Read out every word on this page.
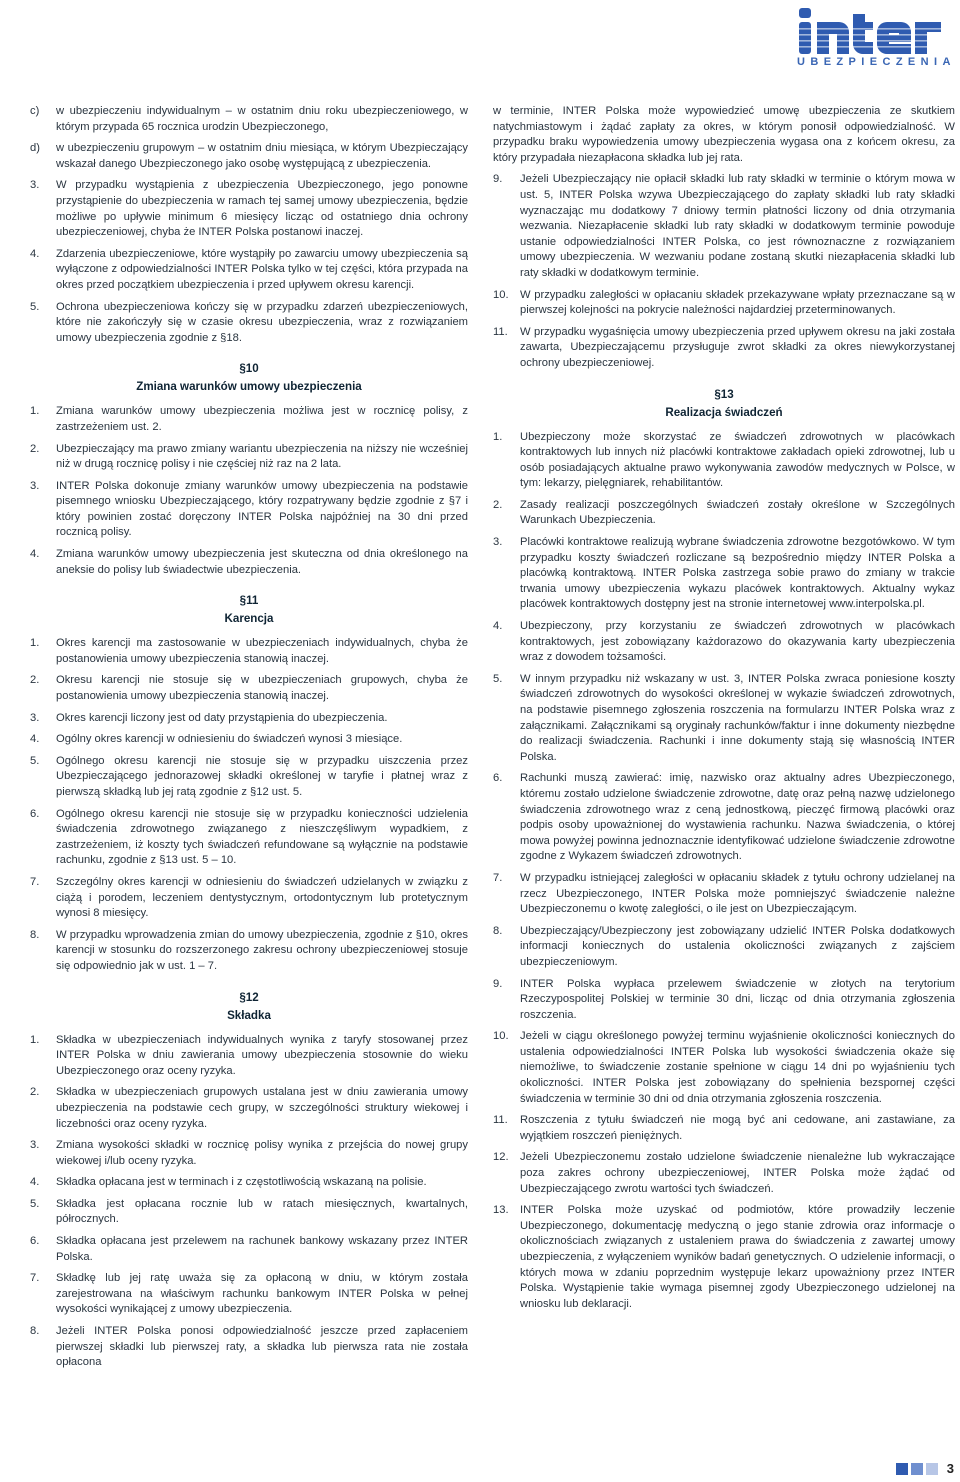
UBEZPIECZENIA
c)	w ubezpieczeniu indywidualnym – w ostatnim dniu roku ubezpieczeniowego, w którym przypada 65 rocznica urodzin Ubezpieczonego,
d)	w ubezpieczeniu grupowym – w ostatnim dniu miesiąca, w którym Ubezpieczający wskazał danego Ubezpieczonego jako osobę występującą z ubezpieczenia.
3.	W przypadku wystąpienia z ubezpieczenia Ubezpieczonego, jego ponowne przystąpienie do ubezpieczenia w ramach tej samej umowy ubezpieczenia, będzie możliwe po upływie minimum 6 miesięcy licząc od ostatniego dnia ochrony ubezpieczeniowej, chyba że INTER Polska postanowi inaczej.
4.	Zdarzenia ubezpieczeniowe, które wystąpiły po zawarciu umowy ubezpieczenia są wyłączone z odpowiedzialności INTER Polska tylko w tej części, która przypada na okres przed początkiem ubezpieczenia i przed upływem okresu karencji.
5.	Ochrona ubezpieczeniowa kończy się w przypadku zdarzeń ubezpieczeniowych, które nie zakończyły się w czasie okresu ubezpieczenia, wraz z rozwiązaniem umowy ubezpieczenia zgodnie z §18.
§10
Zmiana warunków umowy ubezpieczenia
1.	Zmiana warunków umowy ubezpieczenia możliwa jest w rocznicę polisy, z zastrzeżeniem ust. 2.
2.	Ubezpieczający ma prawo zmiany wariantu ubezpieczenia na niższy nie wcześniej niż w drugą rocznicę polisy i nie częściej niż raz na 2 lata.
3.	INTER Polska dokonuje zmiany warunków umowy ubezpieczenia na podstawie pisemnego wniosku Ubezpieczającego, który rozpatrywany będzie zgodnie z §7 i który powinien zostać doręczony INTER Polska najpóźniej na 30 dni przed rocznicą polisy.
4.	Zmiana warunków umowy ubezpieczenia jest skuteczna od dnia określonego na aneksie do polisy lub świadectwie ubezpieczenia.
§11
Karencja
1.	Okres karencji ma zastosowanie w ubezpieczeniach indywidualnych, chyba że postanowienia umowy ubezpieczenia stanowią inaczej.
2.	Okresu karencji nie stosuje się w ubezpieczeniach grupowych, chyba że postanowienia umowy ubezpieczenia stanowią inaczej.
3.	Okres karencji liczony jest od daty przystąpienia do ubezpieczenia.
4.	Ogólny okres karencji w odniesieniu do świadczeń wynosi 3 miesiące.
5.	Ogólnego okresu karencji nie stosuje się w przypadku uiszczenia przez Ubezpieczającego jednorazowej składki określonej w taryfie i płatnej wraz z pierwszą składką lub jej ratą zgodnie z §12 ust. 5.
6.	Ogólnego okresu karencji nie stosuje się w przypadku konieczności udzielenia świadczenia zdrowotnego związanego z nieszczęśliwym wypadkiem, z zastrzeżeniem, iż koszty tych świadczeń refundowane są wyłącznie na podstawie rachunku, zgodnie z §13 ust. 5 – 10.
7.	Szczególny okres karencji w odniesieniu do świadczeń udzielanych w związku z ciążą i porodem, leczeniem dentystycznym, ortodontycznym lub protetycznym wynosi 8 miesięcy.
8.	W przypadku wprowadzenia zmian do umowy ubezpieczenia, zgodnie z §10, okres karencji w stosunku do rozszerzonego zakresu ochrony ubezpieczeniowej stosuje się odpowiednio jak w ust. 1 – 7.
§12
Składka
1.	Składka w ubezpieczeniach indywidualnych wynika z taryfy stosowanej przez INTER Polska w dniu zawierania umowy ubezpieczenia stosownie do wieku Ubezpieczonego oraz oceny ryzyka.
2.	Składka w ubezpieczeniach grupowych ustalana jest w dniu zawierania umowy ubezpieczenia na podstawie cech grupy, w szczególności struktury wiekowej i liczebności oraz oceny ryzyka.
3.	Zmiana wysokości składki w rocznicę polisy wynika z przejścia do nowej grupy wiekowej i/lub oceny ryzyka.
4.	Składka opłacana jest w terminach i z częstotliwością wskazaną na polisie.
5.	Składka jest opłacana rocznie lub w ratach miesięcznych, kwartalnych, półrocznych.
6.	Składka opłacana jest przelewem na rachunek bankowy wskazany przez INTER Polska.
7.	Składkę lub jej ratę uważa się za opłaconą w dniu, w którym została zarejestrowana na właściwym rachunku bankowym INTER Polska w pełnej wysokości wynikającej z umowy ubezpieczenia.
8.	Jeżeli INTER Polska ponosi odpowiedzialność jeszcze przed zapłaceniem pierwszej składki lub pierwszej raty, a składka lub pierwsza rata nie została opłacona
w terminie, INTER Polska może wypowiedzieć umowę ubezpieczenia ze skutkiem natychmiastowym i żądać zapłaty za okres, w którym ponosił odpowiedzialność. W przypadku braku wypowiedzenia umowy ubezpieczenia wygasa ona z końcem okresu, za który przypadała niezapłacona składka lub jej rata.
9.	Jeżeli Ubezpieczający nie opłacił składki lub raty składki w terminie o którym mowa w ust. 5, INTER Polska wzywa Ubezpieczającego do zapłaty składki lub raty składki wyznaczając mu dodatkowy 7 dniowy termin płatności liczony od dnia otrzymania wezwania. Niezapłacenie składki lub raty składki w dodatkowym terminie powoduje ustanie odpowiedzialności INTER Polska, co jest równoznaczne z rozwiązaniem umowy ubezpieczenia. W wezwaniu podane zostaną skutki niezapłacenia składki lub raty składki w dodatkowym terminie.
10.	W przypadku zaległości w opłacaniu składek przekazywane wpłaty przeznaczane są w pierwszej kolejności na pokrycie należności najdardziej przeterminowanych.
11.	W przypadku wygaśnięcia umowy ubezpieczenia przed upływem okresu na jaki została zawarta, Ubezpieczającemu przysługuje zwrot składki za okres niewykorzystanej ochrony ubezpieczeniowej.
§13
Realizacja świadczeń
1.	Ubezpieczony może skorzystać ze świadczeń zdrowotnych w placówkach kontraktowych lub innych niż placówki kontraktowe zakładach opieki zdrowotnej, lub u osób posiadających aktualne prawo wykonywania zawodów medycznych w Polsce, w tym: lekarzy, pielęgniarek, rehabilitantów.
2.	Zasady realizacji poszczególnych świadczeń zostały określone w Szczególnych Warunkach Ubezpieczenia.
3.	Placówki kontraktowe realizują wybrane świadczenia zdrowotne bezgotówkowo. W tym przypadku koszty świadczeń rozliczane są bezpośrednio między INTER Polska a placówką kontraktową. INTER Polska zastrzega sobie prawo do zmiany w trakcie trwania umowy ubezpieczenia wykazu placówek kontraktowych. Aktualny wykaz placówek kontraktowych dostępny jest na stronie internetowej www.interpolska.pl.
4.	Ubezpieczony, przy korzystaniu ze świadczeń zdrowotnych w placówkach kontraktowych, jest zobowiązany każdorazowo do okazywania karty ubezpieczenia wraz z dowodem tożsamości.
5.	W innym przypadku niż wskazany w ust. 3, INTER Polska zwraca poniesione koszty świadczeń zdrowotnych do wysokości określonej w wykazie świadczeń zdrowotnych, na podstawie pisemnego zgłoszenia roszczenia na formularzu INTER Polska wraz z załącznikami. Załącznikami są oryginały rachunków/faktur i inne dokumenty niezbędne do realizacji świadczenia. Rachunki i inne dokumenty stają się własnością INTER Polska.
6.	Rachunki muszą zawierać: imię, nazwisko oraz aktualny adres Ubezpieczonego, któremu zostało udzielone świadczenie zdrowotne, datę oraz pełną nazwę udzielonego świadczenia zdrowotnego wraz z ceną jednostkową, pieczęć firmową placówki oraz podpis osoby upoważnionej do wystawienia rachunku. Nazwa świadczenia, o której mowa powyżej powinna jednoznacznie identyfikować udzielone świadczenie zdrowotne zgodne z Wykazem świadczeń zdrowotnych.
7.	W przypadku istniejącej zaległości w opłacaniu składek z tytułu ochrony udzielanej na rzecz Ubezpieczonego, INTER Polska może pomniejszyć świadczenie należne Ubezpieczonemu o kwotę zaległości, o ile jest on Ubezpieczającym.
8.	Ubezpieczający/Ubezpieczony jest zobowiązany udzielić INTER Polska dodatkowych informacji koniecznych do ustalenia okoliczności związanych z zajściem ubezpieczeniowym.
9.	INTER Polska wypłaca przelewem świadczenie w złotych na terytorium Rzeczypospolitej Polskiej w terminie 30 dni, licząc od dnia otrzymania zgłoszenia roszczenia.
10.	Jeżeli w ciągu określonego powyżej terminu wyjaśnienie okoliczności koniecznych do ustalenia odpowiedzialności INTER Polska lub wysokości świadczenia okaże się niemożliwe, to świadczenie zostanie spełnione w ciągu 14 dni po wyjaśnieniu tych okoliczności. INTER Polska jest zobowiązany do spełnienia bezspornej części świadczenia w terminie 30 dni od dnia otrzymania zgłoszenia roszczenia.
11.	Roszczenia z tytułu świadczeń nie mogą być ani cedowane, ani zastawiane, za wyjątkiem roszczeń pieniężnych.
12.	Jeżeli Ubezpieczonemu zostało udzielone świadczenie nienależne lub wykraczające poza zakres ochrony ubezpieczeniowej, INTER Polska może żądać od Ubezpieczającego zwrotu wartości tych świadczeń.
13.	INTER Polska może uzyskać od podmiotów, które prowadziły leczenie Ubezpieczonego, dokumentację medyczną o jego stanie zdrowia oraz informacje o okolicznościach związanych z ustaleniem prawa do świadczenia z zawartej umowy ubezpieczenia, z wyłączeniem wyników badań genetycznych. O udzielenie informacji, o których mowa w zdaniu poprzednim występuje lekarz upoważniony przez INTER Polska. Wystąpienie takie wymaga pisemnej zgody Ubezpieczonego udzielonej na wniosku lub deklaracji.
3
